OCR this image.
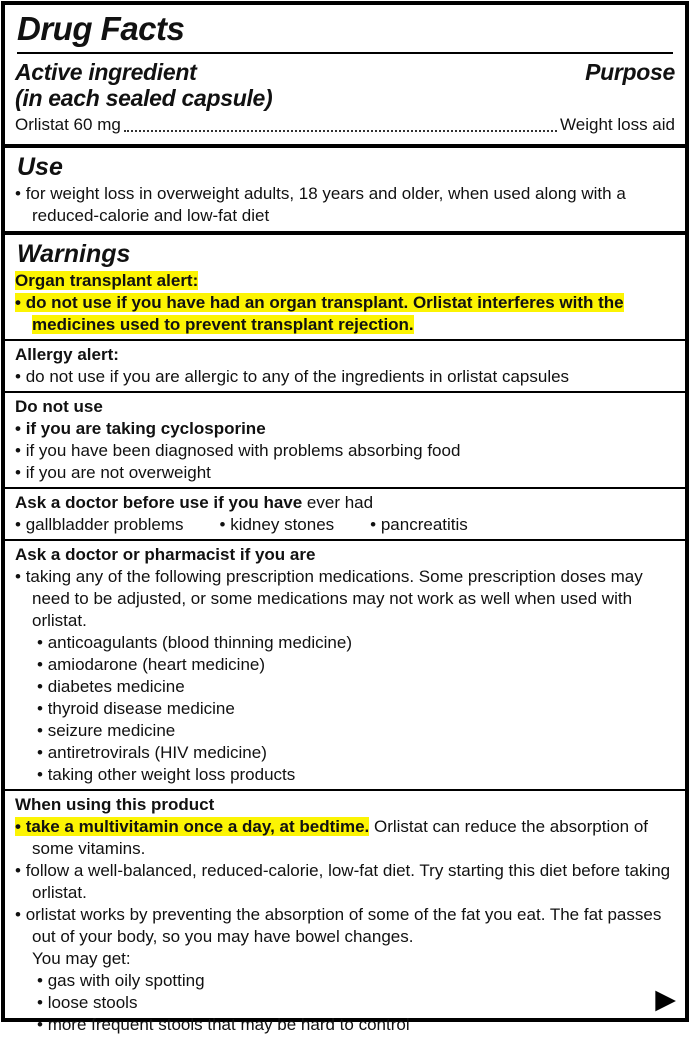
Drug Facts
Active ingredient
(in each sealed capsule)
Purpose
Orlistat 60 mg	Weight loss aid
Use
• for weight loss in overweight adults, 18 years and older, when used along with a reduced-calorie and low-fat diet
Warnings
Organ transplant alert:
• do not use if you have had an organ transplant. Orlistat interferes with the medicines used to prevent transplant rejection.
Allergy alert:
• do not use if you are allergic to any of the ingredients in orlistat capsules
Do not use
• if you are taking cyclosporine
• if you have been diagnosed with problems absorbing food
• if you are not overweight
Ask a doctor before use if you have ever had
• gallbladder problems	• kidney stones	• pancreatitis
Ask a doctor or pharmacist if you are
• taking any of the following prescription medications. Some prescription doses may need to be adjusted, or some medications may not work as well when used with orlistat.
• anticoagulants (blood thinning medicine)
• amiodarone (heart medicine)
• diabetes medicine
• thyroid disease medicine
• seizure medicine
• antiretrovirals (HIV medicine)
• taking other weight loss products
When using this product
• take a multivitamin once a day, at bedtime. Orlistat can reduce the absorption of some vitamins.
• follow a well-balanced, reduced-calorie, low-fat diet. Try starting this diet before taking orlistat.
• orlistat works by preventing the absorption of some of the fat you eat. The fat passes out of your body, so you may have bowel changes.
You may get:
• gas with oily spotting
• loose stools
• more frequent stools that may be hard to control
▶
